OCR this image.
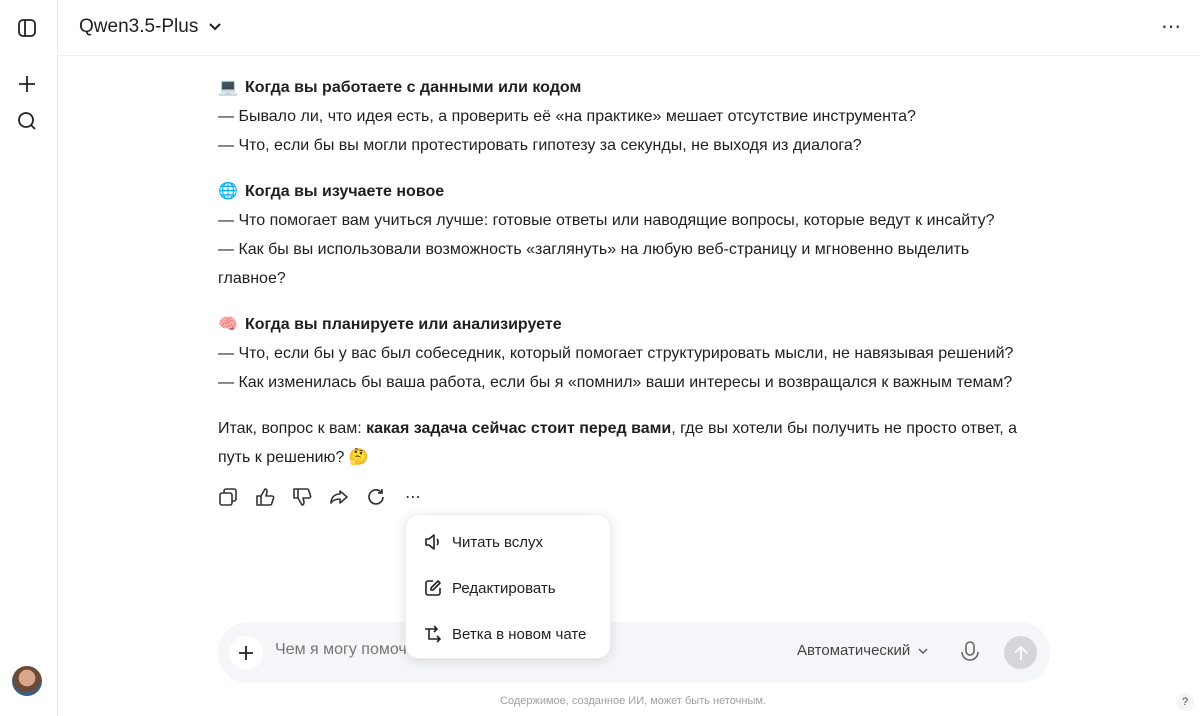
Qwen3.5-Plus	⋯

💻 Когда вы работаете с данными или кодом

— Бывало ли, что идея есть, а проверить её «на практике» мешает отсутствие инструмента?

— Что, если бы вы могли протестировать гипотезу за секунды, не выходя из диалога?

🌐 Когда вы изучаете новое

— Что помогает вам учиться лучше: готовые ответы или наводящие вопросы, которые ведут к инсайту?

— Как бы вы использовали возможность «заглянуть» на любую веб-страницу и мгновенно выделить главное?

🧠 Когда вы планируете или анализируете

— Что, если бы у вас был собеседник, который помогает структурировать мысли, не навязывая решений?

— Как изменилась бы ваша работа, если бы я «помнил» ваши интересы и возвращался к важным темам?

Итак, вопрос к вам: какая задача сейчас стоит перед вами, где вы хотели бы получить не просто ответ, а путь к решению? 🤔

⋯
Чем я могу помочь?
Автоматический
Читать вслух
Редактировать
Ветка в новом чате
Содержимое, созданное ИИ, может быть неточным.	?
